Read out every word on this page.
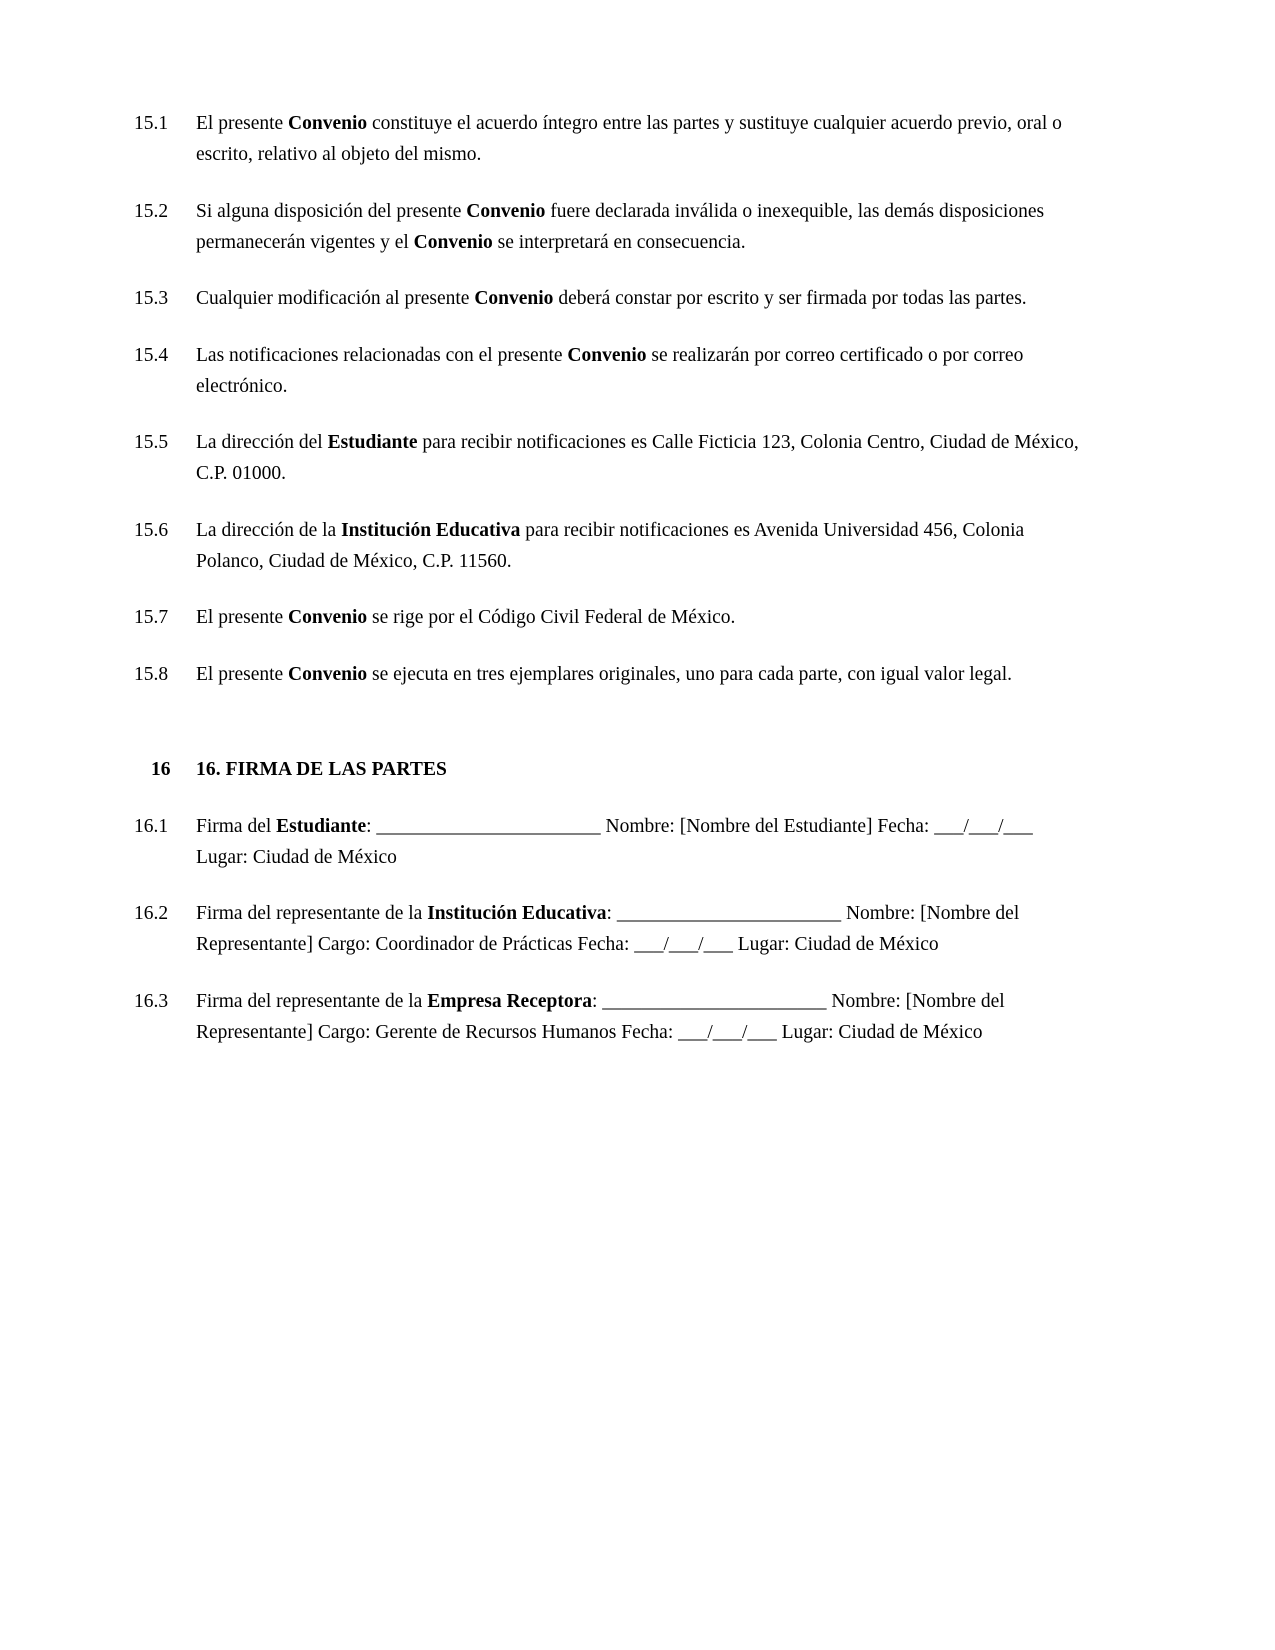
15.1	El presente Convenio constituye el acuerdo íntegro entre las partes y sustituye cualquier acuerdo previo, oral o escrito, relativo al objeto del mismo.
15.2	Si alguna disposición del presente Convenio fuere declarada inválida o inexequible, las demás disposiciones permanecerán vigentes y el Convenio se interpretará en consecuencia.
15.3	Cualquier modificación al presente Convenio deberá constar por escrito y ser firmada por todas las partes.
15.4	Las notificaciones relacionadas con el presente Convenio se realizarán por correo certificado o por correo electrónico.
15.5	La dirección del Estudiante para recibir notificaciones es Calle Ficticia 123, Colonia Centro, Ciudad de México, C.P. 01000.
15.6	La dirección de la Institución Educativa para recibir notificaciones es Avenida Universidad 456, Colonia Polanco, Ciudad de México, C.P. 11560.
15.7	El presente Convenio se rige por el Código Civil Federal de México.
15.8	El presente Convenio se ejecuta en tres ejemplares originales, uno para cada parte, con igual valor legal.
16	16. FIRMA DE LAS PARTES
16.1	Firma del Estudiante: _______________________ Nombre: [Nombre del Estudiante] Fecha: ___/___/___ Lugar: Ciudad de México
16.2	Firma del representante de la Institución Educativa: _______________________ Nombre: [Nombre del Representante] Cargo: Coordinador de Prácticas Fecha: ___/___/___ Lugar: Ciudad de México
16.3	Firma del representante de la Empresa Receptora: _______________________ Nombre: [Nombre del Representante] Cargo: Gerente de Recursos Humanos Fecha: ___/___/___ Lugar: Ciudad de México
